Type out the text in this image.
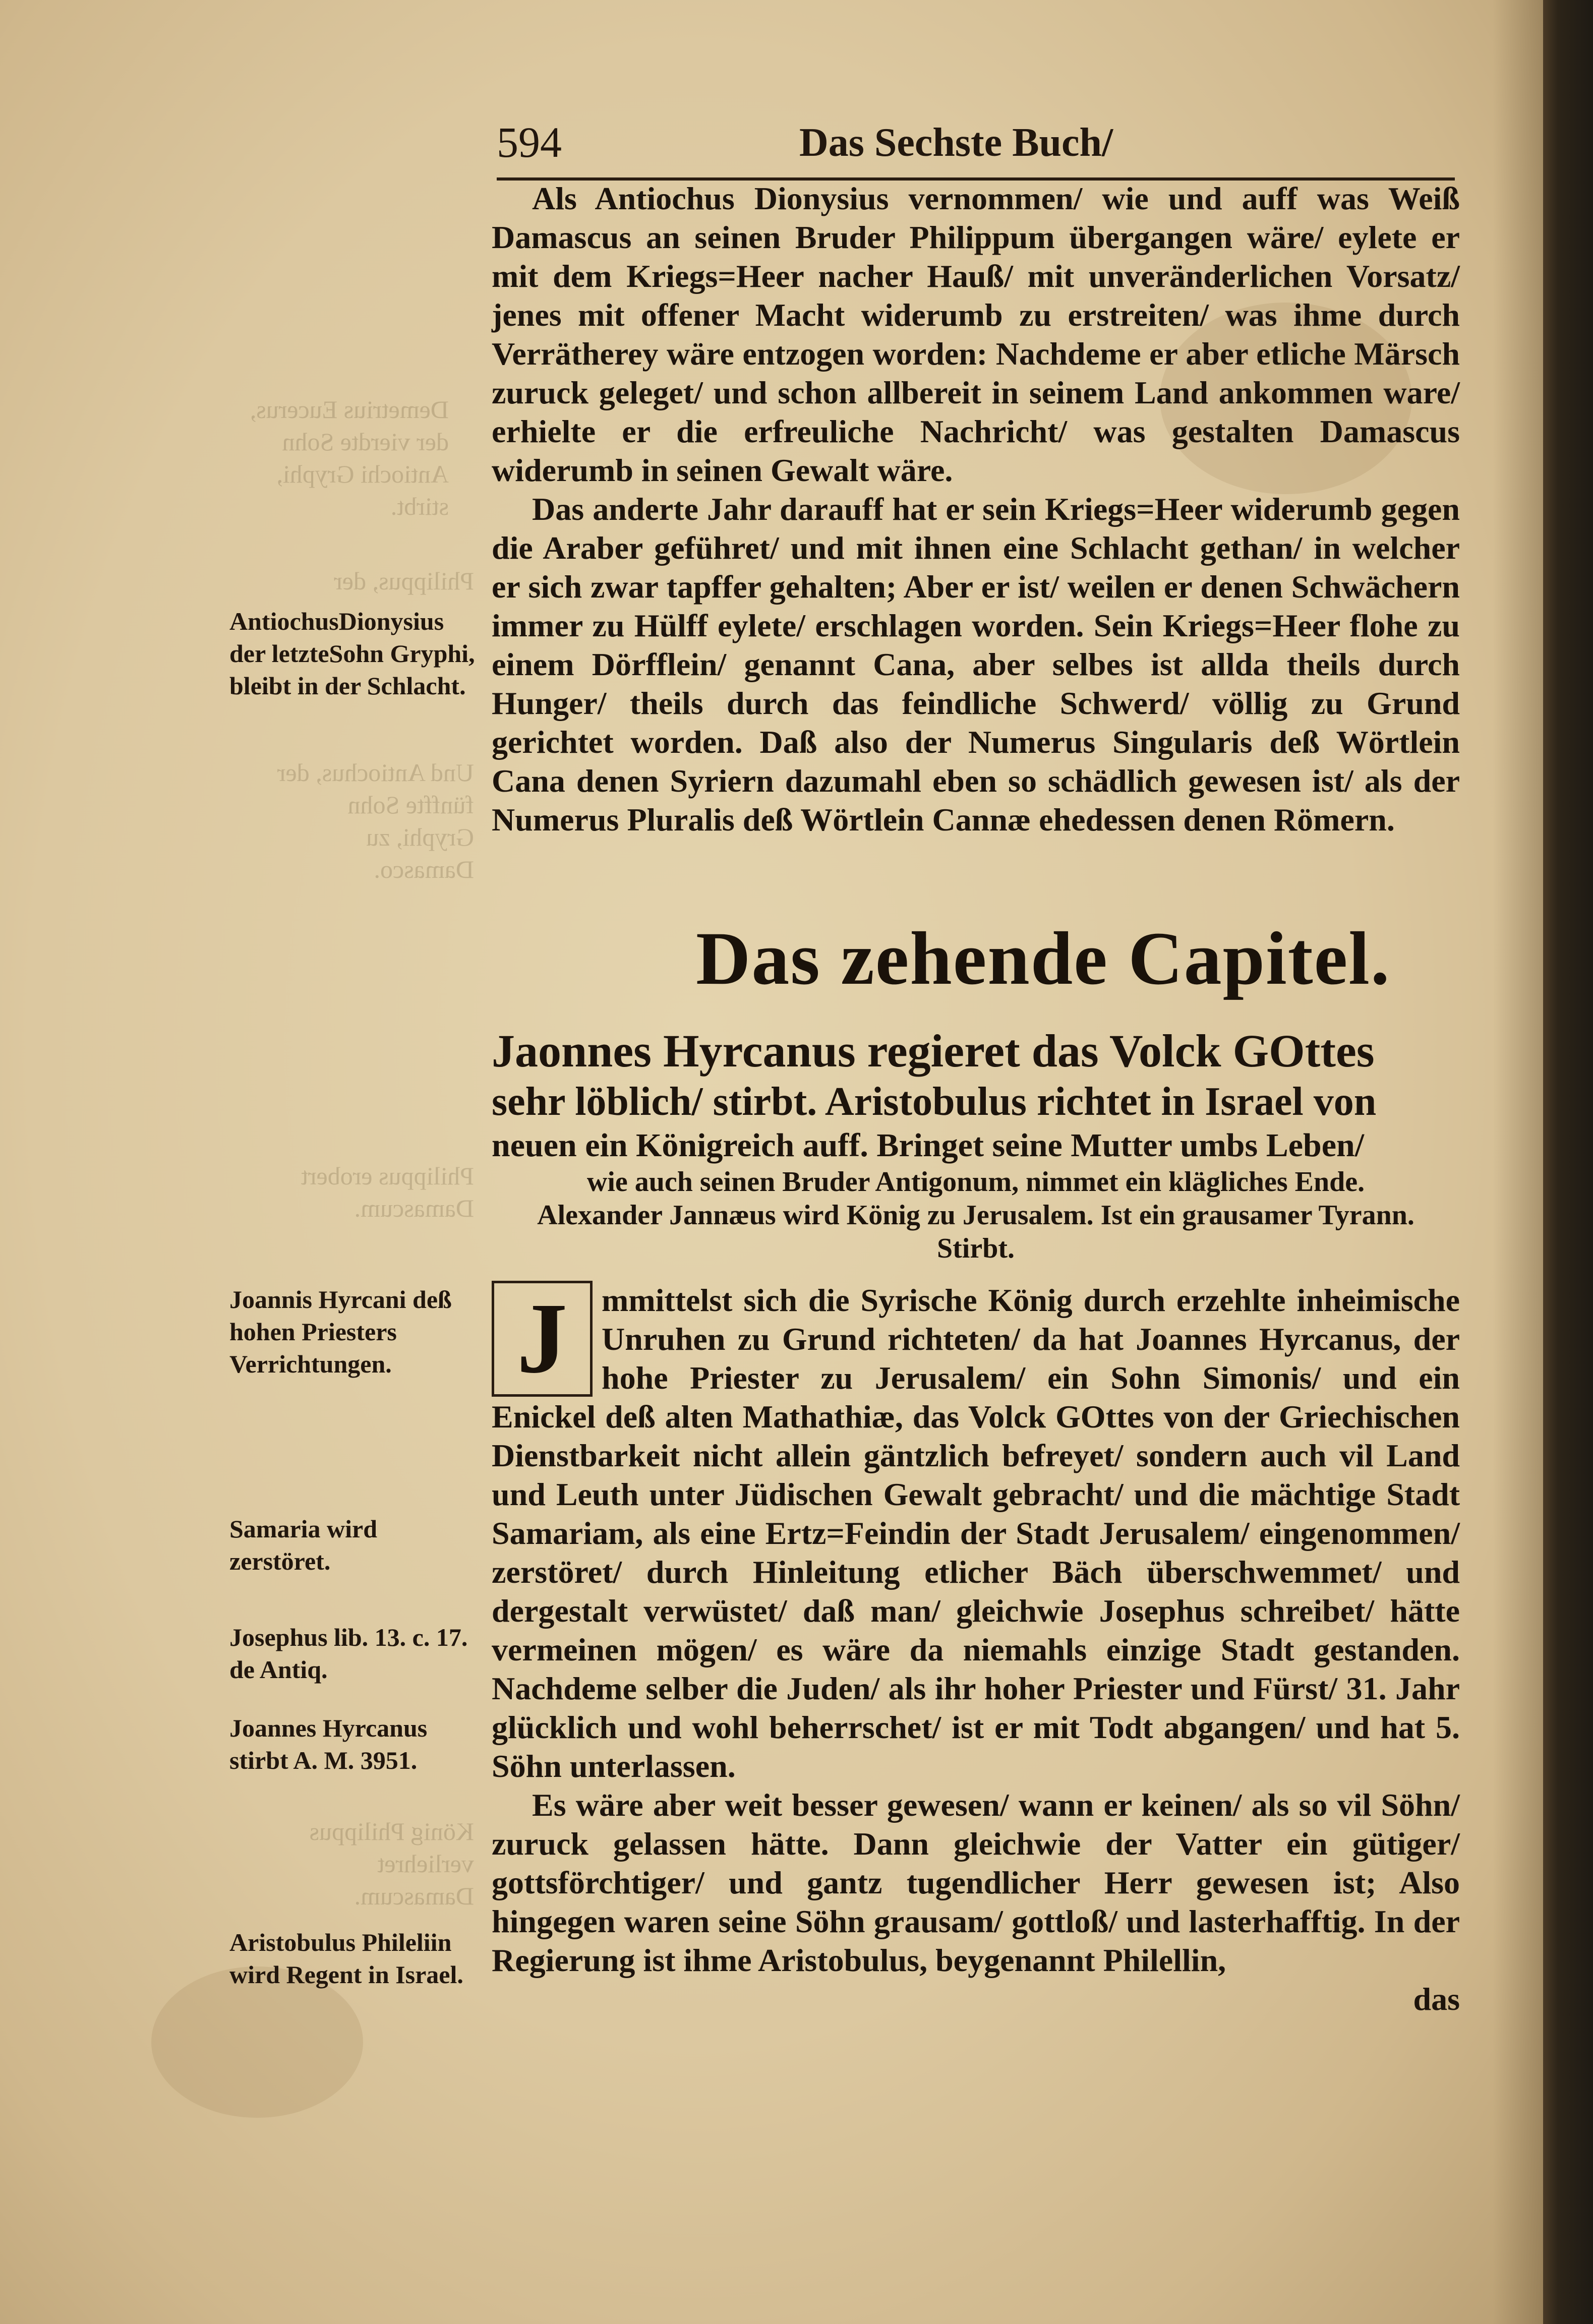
Demetrius Eucerus, der vierdte Sohn Antiochi Gryphi, stirbt.
Philippus, der
Und Antiochus, der fünffte Sohn Gryphi, zu Damasco.
Philippus erobert Damascum.
König Philippus verliehret Damascum.
594	Das Sechste Buch/

Als Antiochus Dionysius vernommen/ wie und auff was Weiß Damascus an seinen Bruder Philippum übergangen wäre/ eylete er mit dem Kriegs=Heer nacher Hauß/ mit unveränderlichen Vorsatz/ jenes mit offener Macht widerumb zu erstreiten/ was ihme durch Verrätherey wäre entzogen worden: Nachdeme er aber etliche Märsch zuruck geleget/ und schon allbereit in seinem Land ankommen ware/ erhielte er die erfreuliche Nachricht/ was gestalten Damascus widerumb in seinen Gewalt wäre.

Das anderte Jahr darauff hat er sein Kriegs=Heer widerumb gegen die Araber geführet/ und mit ihnen eine Schlacht gethan/ in welcher er sich zwar tapffer gehalten; Aber er ist/ weilen er denen Schwächern immer zu Hülff eylete/ erschlagen worden. Sein Kriegs=Heer flohe zu einem Dörfflein/ genannt Cana, aber selbes ist allda theils durch Hunger/ theils durch das feindliche Schwerd/ völlig zu Grund gerichtet worden. Daß also der Numerus Singularis deß Wörtlein Cana denen Syriern dazumahl eben so schädlich gewesen ist/ als der Numerus Pluralis deß Wörtlein Cannæ ehedessen denen Römern.

Das zehende Capitel.
Jaonnes Hyrcanus regieret das Volck GOttes
sehr löblich/ stirbt. Aristobulus richtet in Israel von
neuen ein Königreich auff. Bringet seine Mutter umbs Leben/
wie auch seinen Bruder Antigonum, nimmet ein klägliches Ende. Alexander Jannæus wird König zu Jerusalem. Ist ein grausamer Tyrann. Stirbt.
J	mmittelst sich die Syrische König durch erzehlte inheimische Unruhen zu Grund richteten/ da hat Joannes Hyrcanus, der hohe Priester zu Jerusalem/ ein Sohn Simonis/ und ein Enickel deß alten Mathathiæ, das Volck GOttes von der Griechischen Dienstbarkeit nicht allein gäntzlich befreyet/ sondern auch vil Land und Leuth unter Jüdischen Gewalt gebracht/ und die mächtige Stadt Samariam, als eine Ertz=Feindin der Stadt Jerusalem/ eingenommen/ zerstöret/ durch Hinleitung etlicher Bäch überschwemmet/ und dergestalt verwüstet/ daß man/ gleichwie Josephus schreibet/ hätte vermeinen mögen/ es wäre da niemahls einzige Stadt gestanden. Nachdeme selber die Juden/ als ihr hoher Priester und Fürst/ 31. Jahr glücklich und wohl beherrschet/ ist er mit Todt abgangen/ und hat 5. Söhn unterlassen.

Es wäre aber weit besser gewesen/ wann er keinen/ als so vil Söhn/ zuruck gelassen hätte. Dann gleichwie der Vatter ein gütiger/ gottsförchtiger/ und gantz tugendlicher Herr gewesen ist; Also hingegen waren seine Söhn grausam/ gottloß/ und lasterhafftig. In der Regierung ist ihme Aristobulus, beygenannt Philellin,

das
AntiochusDionysius der letzteSohn Gryphi, bleibt in der Schlacht.
Joannis Hyrcani deß hohen Priesters Verrichtungen.
Samaria wird zerstöret.
Josephus lib. 13. c. 17. de Antiq.
Joannes Hyrcanus stirbt A. M. 3951.
Aristobulus Phileliin wird Regent in Israel.
